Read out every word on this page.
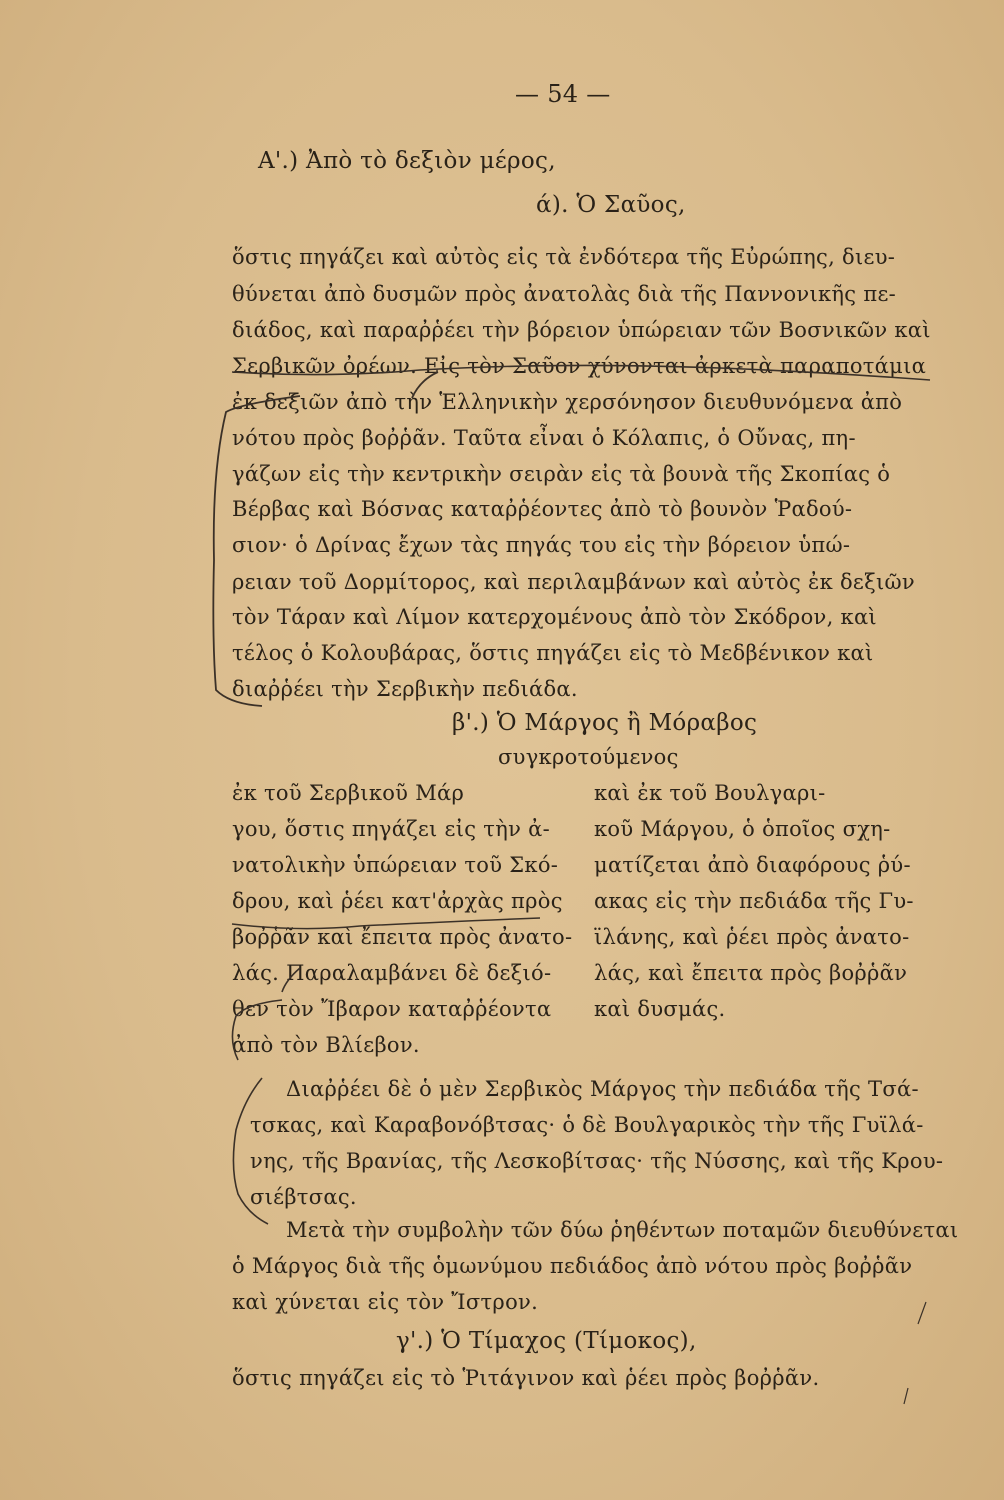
— 54 —
Α'.) Ἀπὸ τὸ δεξιὸν μέρος,
ά). Ὁ Σαῦος,
ὅστις πηγάζει καὶ αὐτὸς εἰς τὰ ἐνδότερα τῆς Εὐρώπης, διευ-
θύνεται ἀπὸ δυσμῶν πρὸς ἀνατολὰς διὰ τῆς Παννονικῆς πε-
διάδος, καὶ παραῤῥέει τὴν βόρειον ὑπώρειαν τῶν Βοσνικῶν καὶ
Σερβικῶν ὀρέων. Εἰς τὸν Σαῦον χύνονται ἀρκετὰ παραποτάμια
ἐκ δεξιῶν ἀπὸ τὴν Ἑλληνικὴν χερσόνησον διευθυνόμενα ἀπὸ
νότου πρὸς βοῤῥᾶν. Ταῦτα εἶναι ὁ Κόλαπις, ὁ Οὔνας, πη-
γάζων εἰς τὴν κεντρικὴν σειρὰν εἰς τὰ βουνὰ τῆς Σκοπίας ὁ
Βέρβας καὶ Βόσνας καταῤῥέοντες ἀπὸ τὸ βουνὸν Ῥαδού-
σιον· ὁ Δρίνας ἔχων τὰς πηγάς του εἰς τὴν βόρειον ὑπώ-
ρειαν τοῦ Δορμίτορος, καὶ περιλαμβάνων καὶ αὐτὸς ἐκ δεξιῶν
τὸν Τάραν καὶ Λίμον κατερχομένους ἀπὸ τὸν Σκόδρον, καὶ
τέλος ὁ Κολουβάρας, ὅστις πηγάζει εἰς τὸ Μεδβένικον καὶ
διαῤῥέει τὴν Σερβικὴν πεδιάδα.
β'.) Ὁ Μάργος ἢ Μόραβος
συγκροτούμενος
ἐκ τοῦ Σερβικοῦ Μάρ
γου, ὅστις πηγάζει εἰς τὴν ἀ-
νατολικὴν ὑπώρειαν τοῦ Σκό-
δρου, καὶ ῥέει κατ'ἀρχὰς πρὸς
βοῤῥᾶν καὶ ἔπειτα πρὸς ἀνατο-
λάς. Παραλαμβάνει δὲ δεξιό-
θεν τὸν Ἴβαρον καταῤῥέοντα
ἀπὸ τὸν Βλίεβον.
καὶ ἐκ τοῦ Βουλγαρι-
κοῦ Μάργου, ὁ ὁποῖος σχη-
ματίζεται ἀπὸ διαφόρους ῥύ-
ακας εἰς τὴν πεδιάδα τῆς Γυ-
ϊλάνης, καὶ ῥέει πρὸς ἀνατο-
λάς, καὶ ἔπειτα πρὸς βοῤῥᾶν
καὶ δυσμάς.
Διαῤῥέει δὲ ὁ μὲν Σερβικὸς Μάργος τὴν πεδιάδα τῆς Τσά-
τσκας, καὶ Καραβονόβτσας· ὁ δὲ Βουλγαρικὸς τὴν τῆς Γυϊλά-
νης, τῆς Βρανίας, τῆς Λεσκοβίτσας· τῆς Νύσσης, καὶ τῆς Κρου-
σιέβτσας.
Μετὰ τὴν συμβολὴν τῶν δύω ῥηθέντων ποταμῶν διευθύνεται
ὁ Μάργος διὰ τῆς ὁμωνύμου πεδιάδος ἀπὸ νότου πρὸς βοῤῥᾶν
καὶ χύνεται εἰς τὸν Ἴστρον.
γ'.) Ὁ Τίμαχος (Τίμοκος),
ὅστις πηγάζει εἰς τὸ Ῥιτάγινον καὶ ῥέει πρὸς βοῤῥᾶν.
